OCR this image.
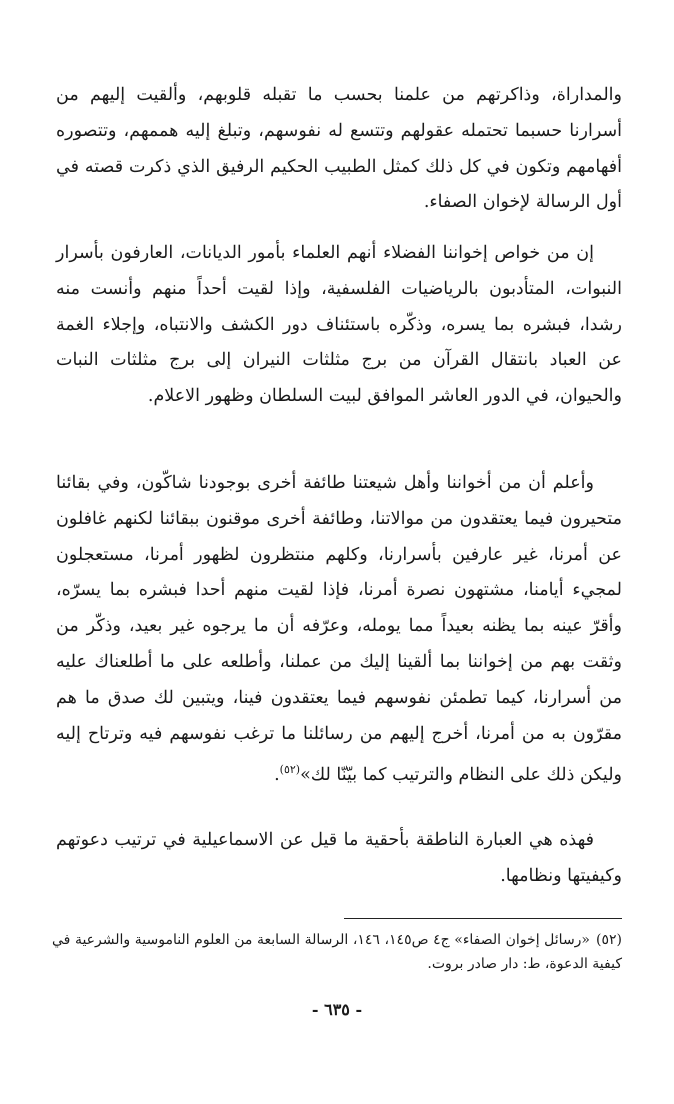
والمداراة، وذاكرتهم من علمنا بحسب ما تقبله قلوبهم، وألقيت إليهم من أسرارنا حسبما تحتمله عقولهم وتتسع له نفوسهم، وتبلغ إليه هممهم، وتتصوره أفهامهم وتكون في كل ذلك كمثل الطبيب الحكيم الرفيق الذي ذكرت قصته في أول الرسالة لإخوان الصفاء.

إن من خواص إخواننا الفضلاء أنهم العلماء بأمور الديانات، العارفون بأسرار النبوات، المتأدبون بالرياضيات الفلسفية، وإذا لقيت أحداً منهم وأنست منه رشدا، فبشره بما يسره، وذكّره باستئناف دور الكشف والانتباه، وإجلاء الغمة عن العباد بانتقال القرآن من برج مثلثات النيران إلى برج مثلثات النبات والحيوان، في الدور العاشر الموافق لبيت السلطان وظهور الاعلام.

وأعلم أن من أخواننا وأهل شيعتنا طائفة أخرى بوجودنا شاكّون، وفي بقائنا متحيرون فيما يعتقدون من موالاتنا، وطائفة أخرى موقنون ببقائنا لكنهم غافلون عن أمرنا، غير عارفين بأسرارنا، وكلهم منتظرون لظهور أمرنا، مستعجلون لمجيء أيامنا، مشتهون نصرة أمرنا، فإذا لقيت منهم أحدا فبشره بما يسرّه، وأقرّ عينه بما يظنه بعيداً مما يومله، وعرّفه أن ما يرجوه غير بعيد، وذكّر من وثقت بهم من إخواننا بما ألقينا إليك من عملنا، وأطلعه على ما أطلعناك عليه من أسرارنا، كيما تطمئن نفوسهم فيما يعتقدون فينا، ويتبين لك صدق ما هم مقرّون به من أمرنا، أخرج إليهم من رسائلنا ما ترغب نفوسهم فيه وترتاح إليه وليكن ذلك على النظام والترتيب كما بيّنّا لك»$^{(٥٢)}$.

فهذه هي العبارة الناطقة بأحقية ما قيل عن الاسماعيلية في ترتيب دعوتهم وكيفيتها ونظامها.

(٥٢)«رسائل إخوان الصفاء» ج٤ ص١٤٥، ١٤٦، الرسالة السابعة من العلوم الناموسية والشرعية في كيفية الدعوة، ط: دار صادر بروت.
- ٦٣٥ -
